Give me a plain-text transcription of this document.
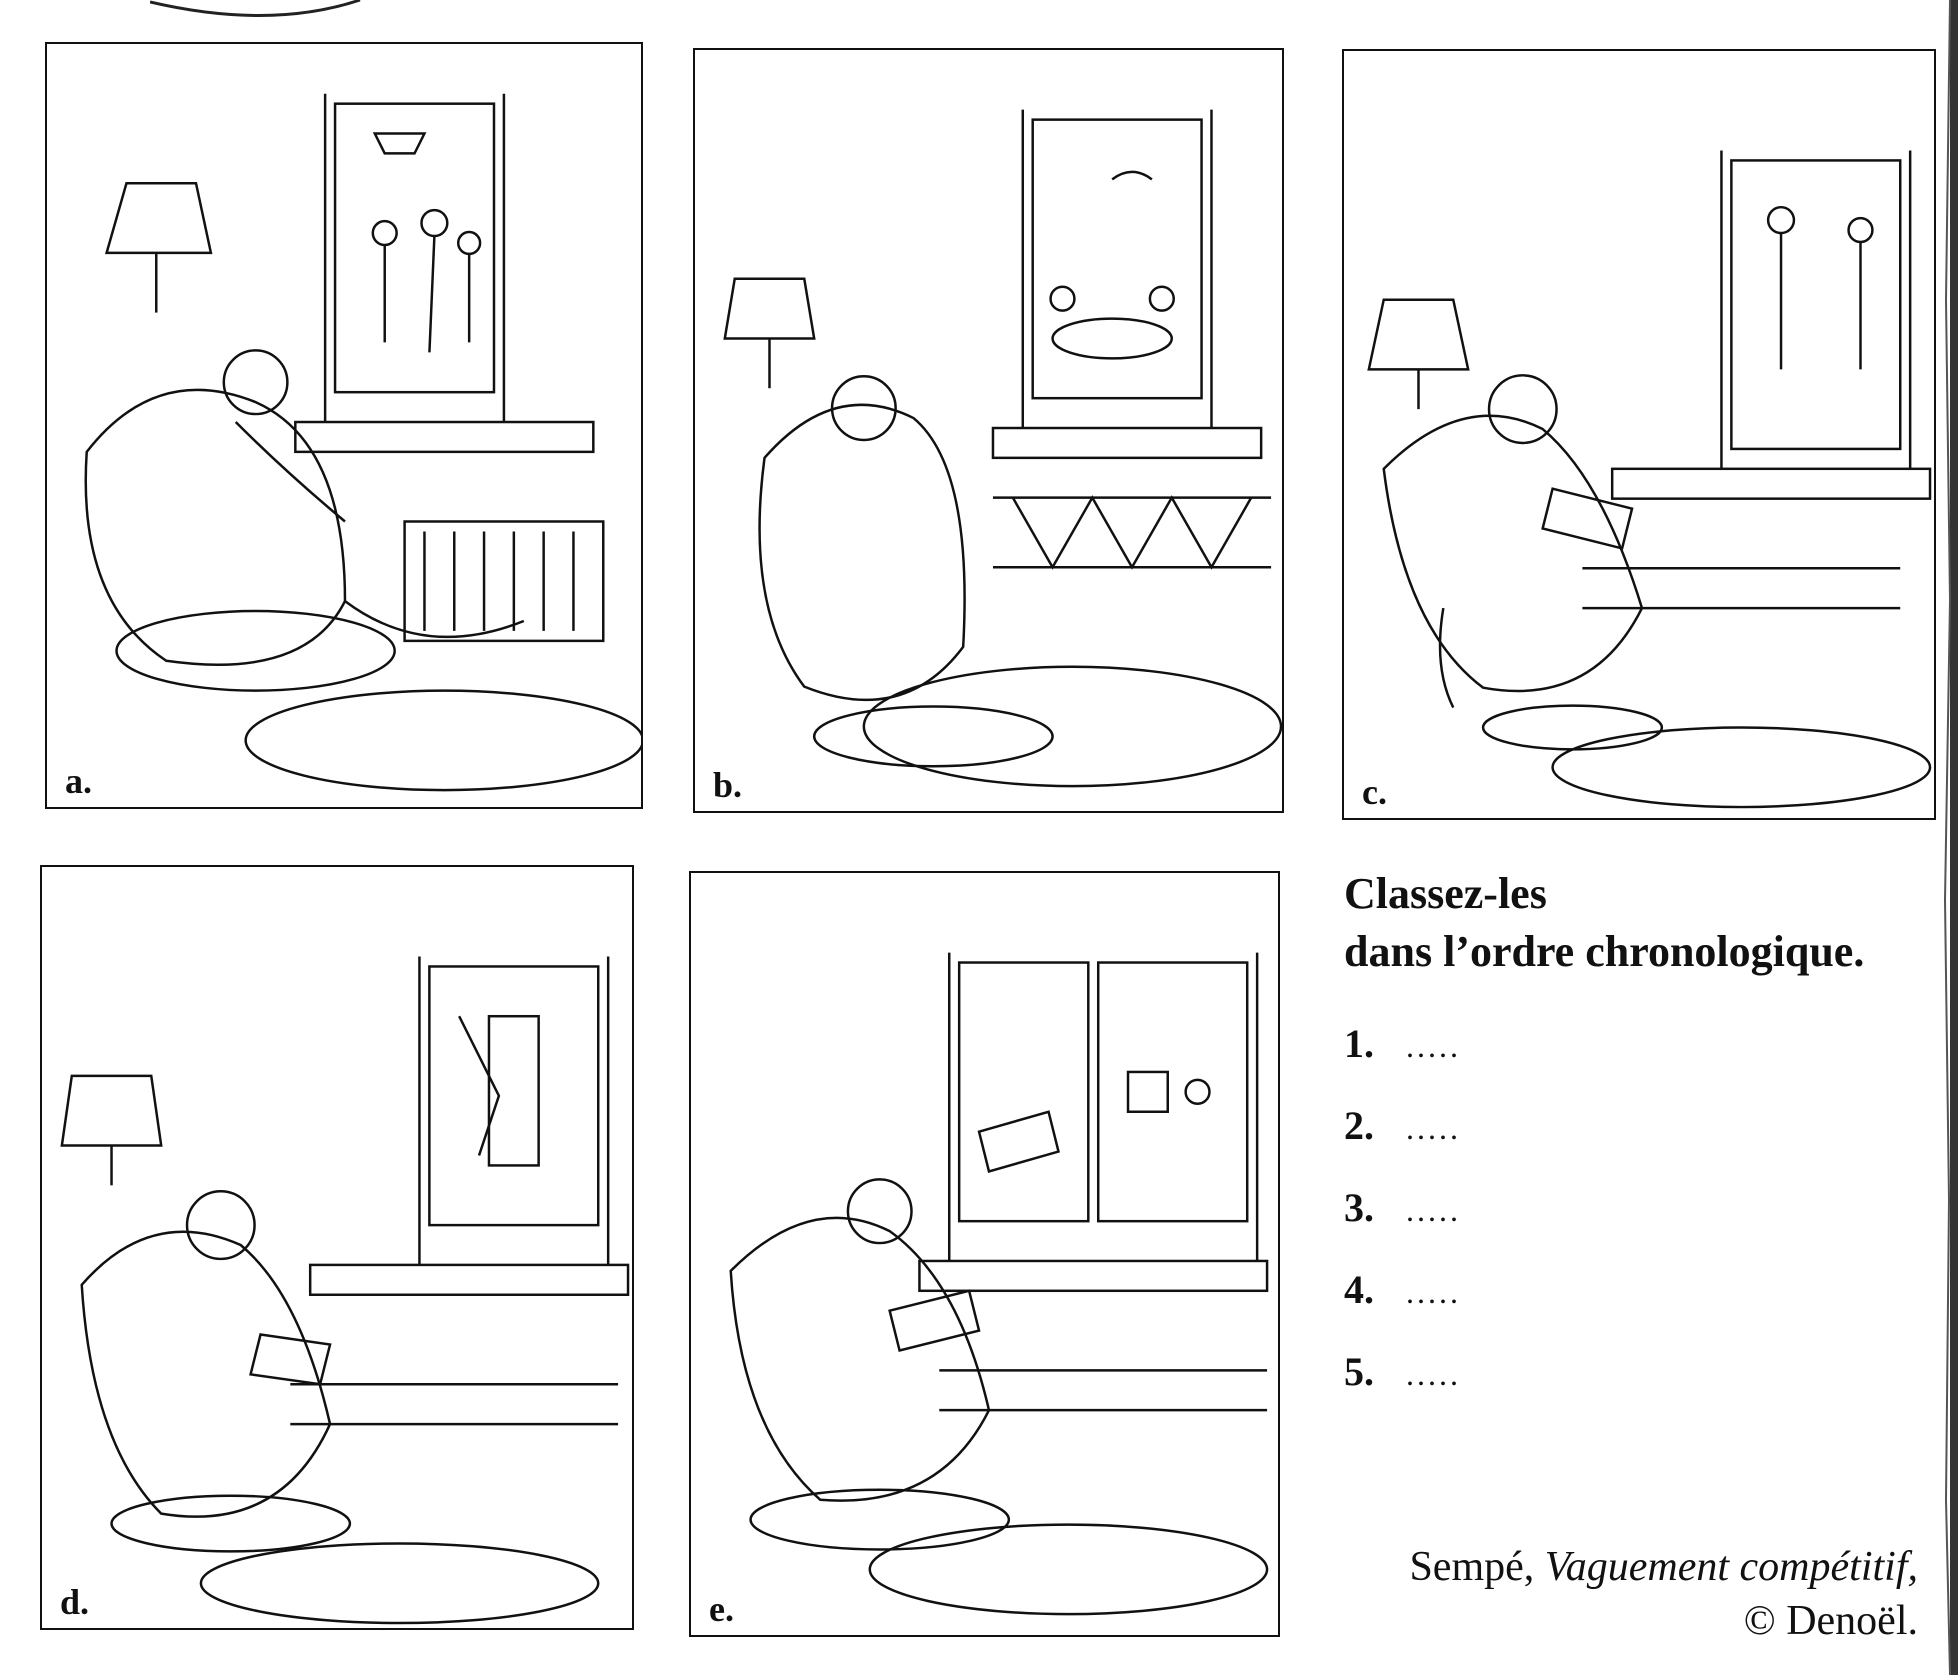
a.	b.	c.
d.	e.
Classez-les
dans l’ordre chronologique.
1.	.....
2.	.....
3.	.....
4.	.....
5.	.....
Sempé, Vaguement compétitif,
© Denoël.
